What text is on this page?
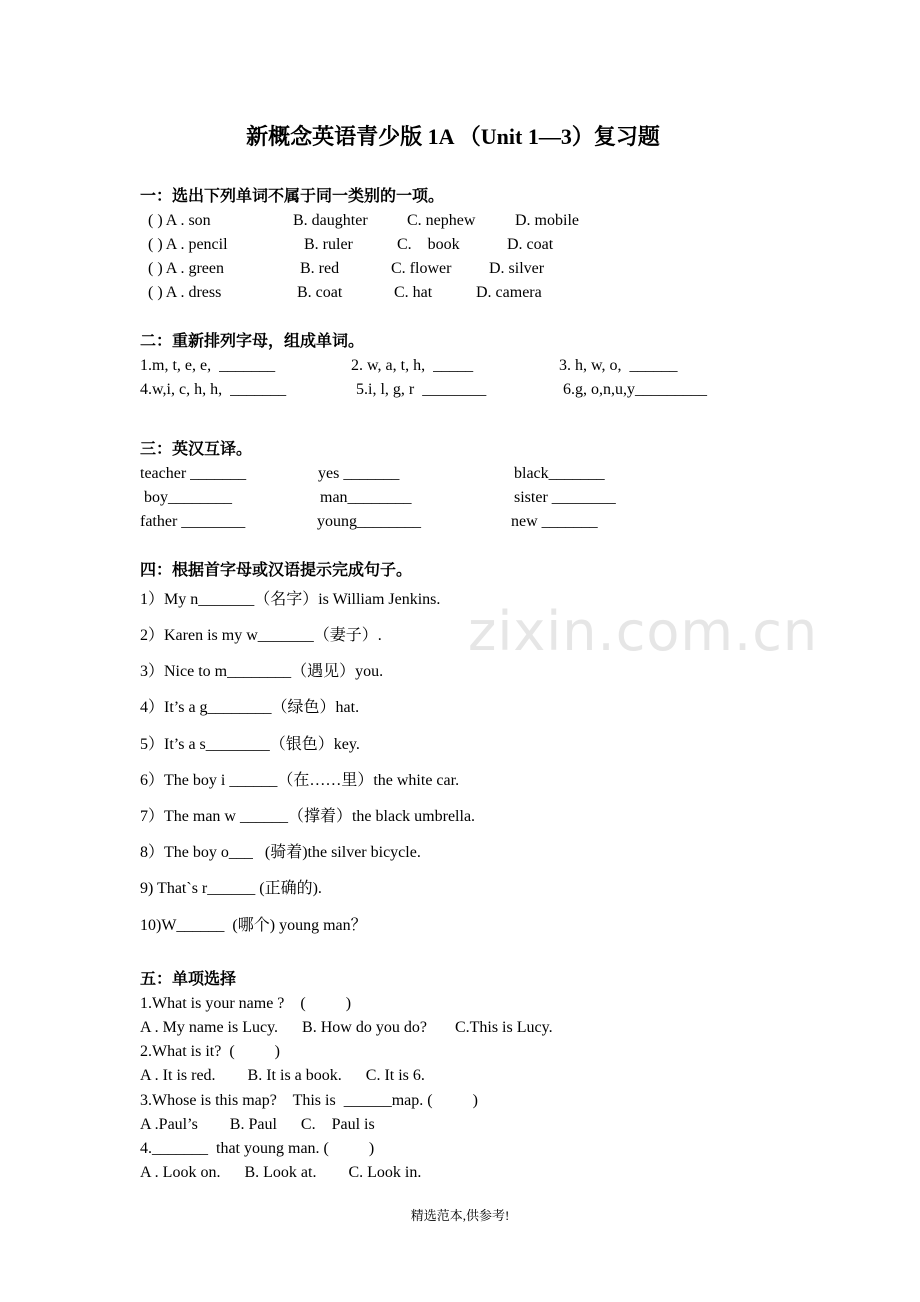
zixin.com.cn
新概念英语青少版 1A （Unit 1—3）复习题
一：选出下列单词不属于同一类别的一项。
( ) A . son	B. daughter C. nephew D. mobile
( ) A . pencil	B. ruler	C.    book	D. coat
( ) A . green	B. red	C. flower D. silver
( ) A . dress	B. coat	C. hat	D. camera
二：重新排列字母，组成单词。
1.m, t, e, e,  _______	2. w, a, t, h,  _____	3. h, w, o,  ______
4.w,i, c, h, h,  _______	5.i, l, g, r  ________	6.g, o,n,u,y_________
三：英汉互译。
teacher _______	yes _______	black_______
boy________	man________	sister ________
father ________	young________	new _______
四：根据首字母或汉语提示完成句子。
1）My n_______（名字）is William Jenkins.
2）Karen is my w_______（妻子）.
3）Nice to m________（遇见）you.
4）It’s a g________（绿色）hat.
5）It’s a s________（银色）key.
6）The boy i ______（在……里）the white car.
7）The man w ______（撑着）the black umbrella.
8）The boy o___   (骑着)the silver bicycle.
9) That`s r______ (正确的).
10)W______  (哪个) young man？
五：单项选择
1.What is your name ?    (          )
A . My name is Lucy.      B. How do you do?       C.This is Lucy.
2.What is it?  (          )
A . It is red.        B. It is a book.      C. It is 6.
3.Whose is this map?    This is  ______map. (          )
A .Paul’s        B. Paul      C.    Paul is
4._______  that young man. (          )
A . Look on.      B. Look at.        C. Look in.
精选范本,供参考!
